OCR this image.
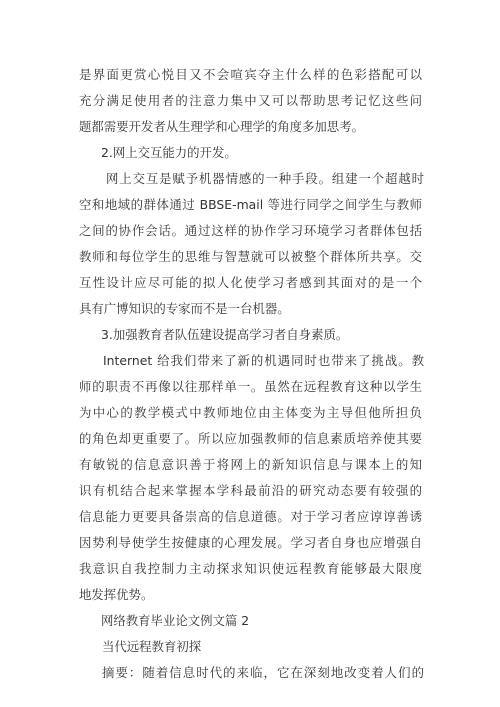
是界面更赏心悦目又不会喧宾夺主什么样的色彩搭配可以
充分满足使用者的注意力集中又可以帮助思考记忆这些问
题都需要开发者从生理学和心理学的角度多加思考。
2.网上交互能力的开发。
网上交互是赋予机器情感的一种手段。组建一个超越时
空和地域的群体通过 BBSE-mail 等进行同学之间学生与教师
之间的协作会话。通过这样的协作学习环境学习者群体包括
教师和每位学生的思维与智慧就可以被整个群体所共享。交
互性设计应尽可能的拟人化使学习者感到其面对的是一个
具有广博知识的专家而不是一台机器。
3.加强教育者队伍建设提高学习者自身素质。
Internet 给我们带来了新的机遇同时也带来了挑战。教
师的职责不再像以往那样单一。虽然在远程教育这种以学生
为中心的教学模式中教师地位由主体变为主导但他所担负
的角色却更重要了。所以应加强教师的信息素质培养使其要
有敏锐的信息意识善于将网上的新知识信息与课本上的知
识有机结合起来掌握本学科最前沿的研究动态要有较强的
信息能力更要具备崇高的信息道德。对于学习者应谆谆善诱
因势利导使学生按健康的心理发展。学习者自身也应增强自
我意识自我控制力主动探求知识使远程教育能够最大限度
地发挥优势。
网络教育毕业论文例文篇 2
当代远程教育初探
摘要：随着信息时代的来临，它在深刻地改变着人们的
